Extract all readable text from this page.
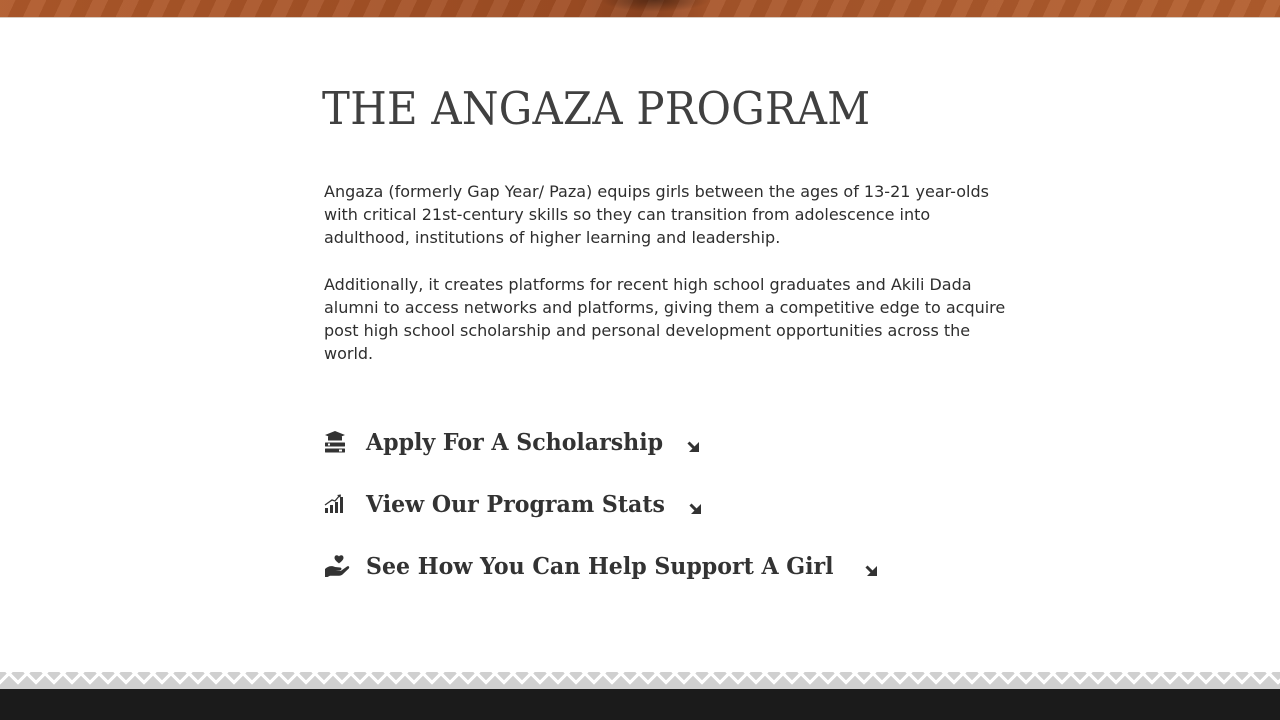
THE ANGAZA PROGRAM

Angaza (formerly Gap Year/ Paza) equips girls between the ages of 13-21 year-olds with critical 21st-century skills so they can transition from adolescence into adulthood, institutions of higher learning and leadership.

Additionally, it creates platforms for recent high school graduates and Akili Dada alumni to access networks and platforms, giving them a competitive edge to acquire post high school scholarship and personal development opportunities across the world.

Apply For A Scholarship
View Our Program Stats
See How You Can Help Support A Girl
